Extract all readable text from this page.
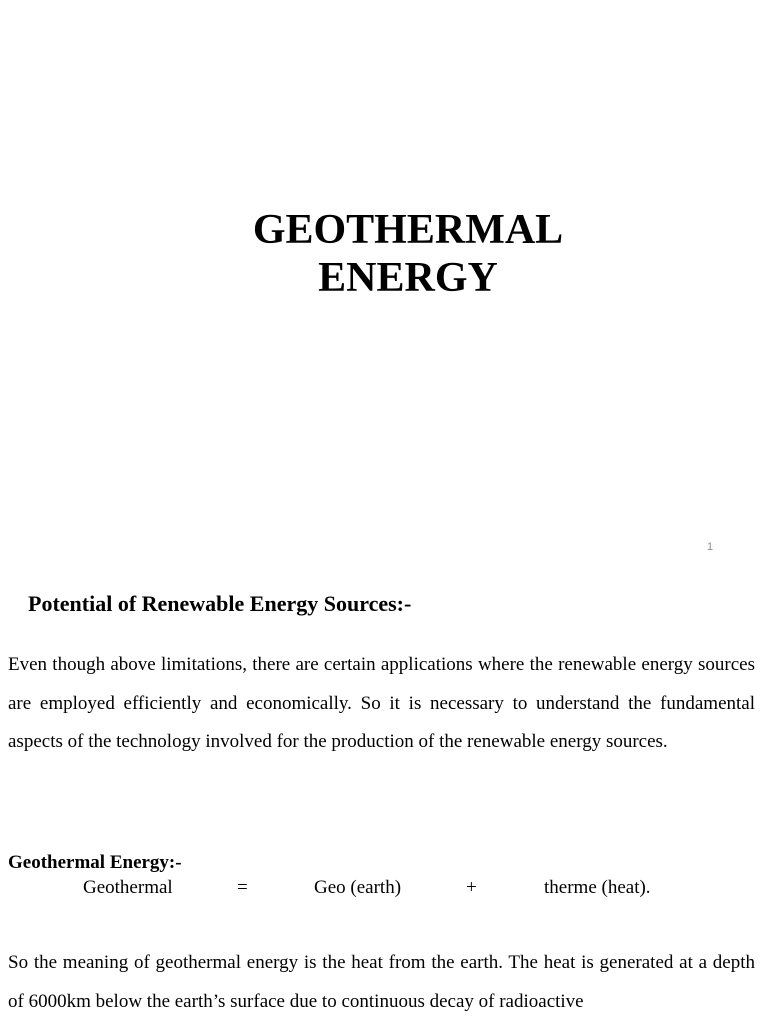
GEOTHERMAL
ENERGY
1
Potential of Renewable Energy Sources:-

Even though above limitations, there are certain applications where the renewable energy sources are employed efficiently and economically. So it is necessary to understand the fundamental aspects of the technology involved for the production of the renewable energy sources.

Geothermal Energy:-
Geothermal	=	Geo (earth)	+	therme (heat).

So the meaning of geothermal energy is the heat from the earth. The heat is generated at a depth of 6000km below the earth’s surface due to continuous decay of radioactive
